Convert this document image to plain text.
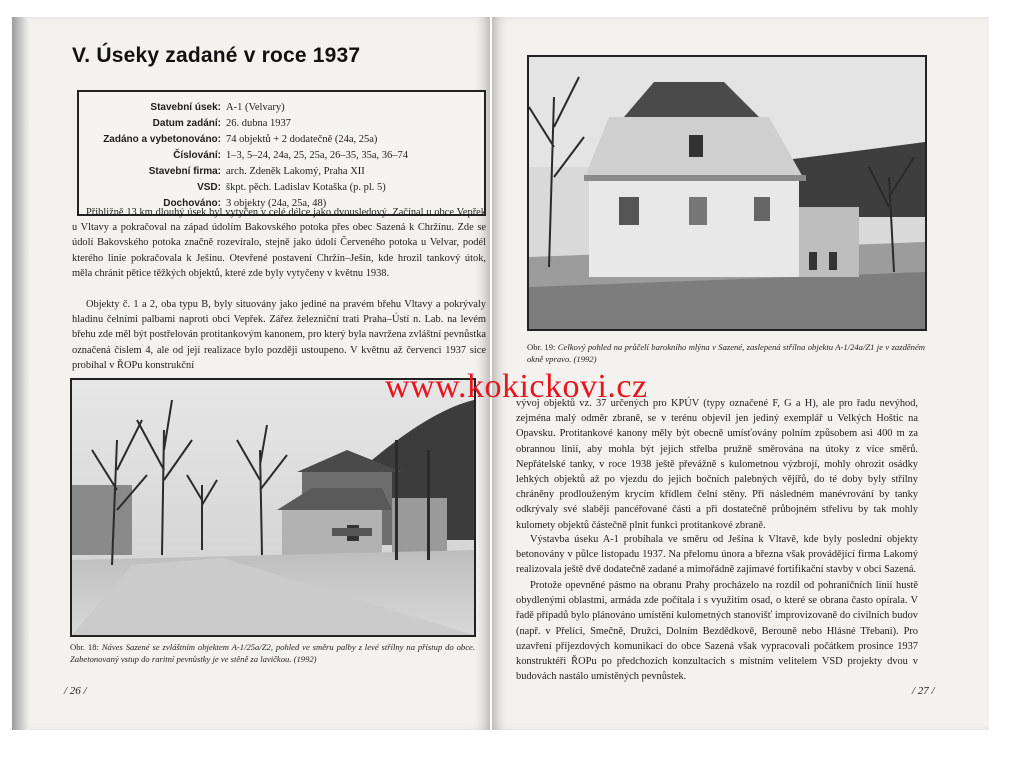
V. Úseky zadané v roce 1937
Stavební úsek: A-1 (Velvary)
Datum zadání: 26. dubna 1937
Zadáno a vybetonováno: 74 objektů + 2 dodatečně (24a, 25a)
Číslování: 1–3, 5–24, 24a, 25, 25a, 26–35, 35a, 36–74
Stavební firma: arch. Zdeněk Lakomý, Praha XII
VSD: škpt. pěch. Ladislav Kotaška (p. pl. 5)
Dochováno: 3 objekty (24a, 25a, 48)
Přibližně 13 km dlouhý úsek byl vytyčen v celé délce jako dvousledový. Začínal u obce Vepřek u Vltavy a pokračoval na západ údolím Bakovského potoka přes obec Sazená k Chržínu. Zde se údolí Bakovského potoka značně rozevíralo, stejně jako údolí Červeného potoka u Velvar, podél kterého linie pokračovala k Ješínu. Otevřené postavení Chržín–Ješín, kde hrozil tankový útok, měla chránit pětice těžkých objektů, které zde byly vytyčeny v květnu 1938.
Objekty č. 1 a 2, oba typu B, byly situovány jako jediné na pravém břehu Vltavy a pokrývaly hladinu čelními palbami naproti obci Vepřek. Zářez železniční trati Praha–Ústí n. Lab. na levém břehu zde měl být postřelován protitankovým kanonem, pro který byla navržena zvláštní pevnůstka označená číslem 4, ale od její realizace bylo později ustoupeno. V květnu až červenci 1937 sice probíhal v ŘOPu konstrukční
Obr. 18: Náves Sazené se zvláštním objektem A-1/25a/Z2, pohled ve směru palby z levé střílny na přístup do obce. Zabetonovaný vstup do raritní pevnůstky je ve stěně za lavičkou. (1992)
/ 26 /
Obr. 19: Celkový pohled na průčelí barokního mlýna v Sazené, zaslepená střílna objektu A-1/24a/Z1 je v zazděném okně vpravo. (1992)
vývoj objektů vz. 37 určených pro KPÚV (typy označené F, G a H), ale pro řadu nevýhod, zejména malý odměr zbraně, se v terénu objevil jen jediný exemplář u Velkých Hoštic na Opavsku. Protitankové kanony měly být obecně umísťovány polním způsobem asi 400 m za obrannou linií, aby mohla být jejich střelba pružně směrována na útoky z více směrů. Nepřátelské tanky, v roce 1938 ještě převážně s kulometnou výzbrojí, mohly ohrozit osádky lehkých objektů až po vjezdu do jejich bočních palebných vějířů, do té doby byly střílny chráněny prodlouženým krycím křídlem čelní stěny. Při následném manévrování by tanky odkrývaly své slaběji pancéřované části a při dostatečně průbojném střelivu by tak mohly kulomety objektů částečně plnit funkci protitankové zbraně.
Výstavba úseku A-1 probíhala ve směru od Ješína k Vltavě, kde byly poslední objekty betonovány v půlce listopadu 1937. Na přelomu února a března však provádějící firma Lakomý realizovala ještě dvě dodatečně zadané a mimořádně zajímavé fortifikační stavby v obci Sazená.
Protože opevněné pásmo na obranu Prahy procházelo na rozdíl od pohraničních linií hustě obydlenými oblastmi, armáda zde počítala i s využitím osad, o které se obrana často opírala. V řadě případů bylo plánováno umístění kulometných stanovišť improvizovaně do civilních budov (např. v Přelíci, Smečně, Družci, Dolním Bezdědkově, Berouně nebo Hlásné Třebani). Pro uzavření příjezdových komunikací do obce Sazená však vypracovali počátkem prosince 1937 konstruktéři ŘOPu po předchozích konzultacích s místním velitelem VSD projekty dvou v budovách nastálo umístěných pevnůstek.
/ 27 /
www.kokickovi.cz
